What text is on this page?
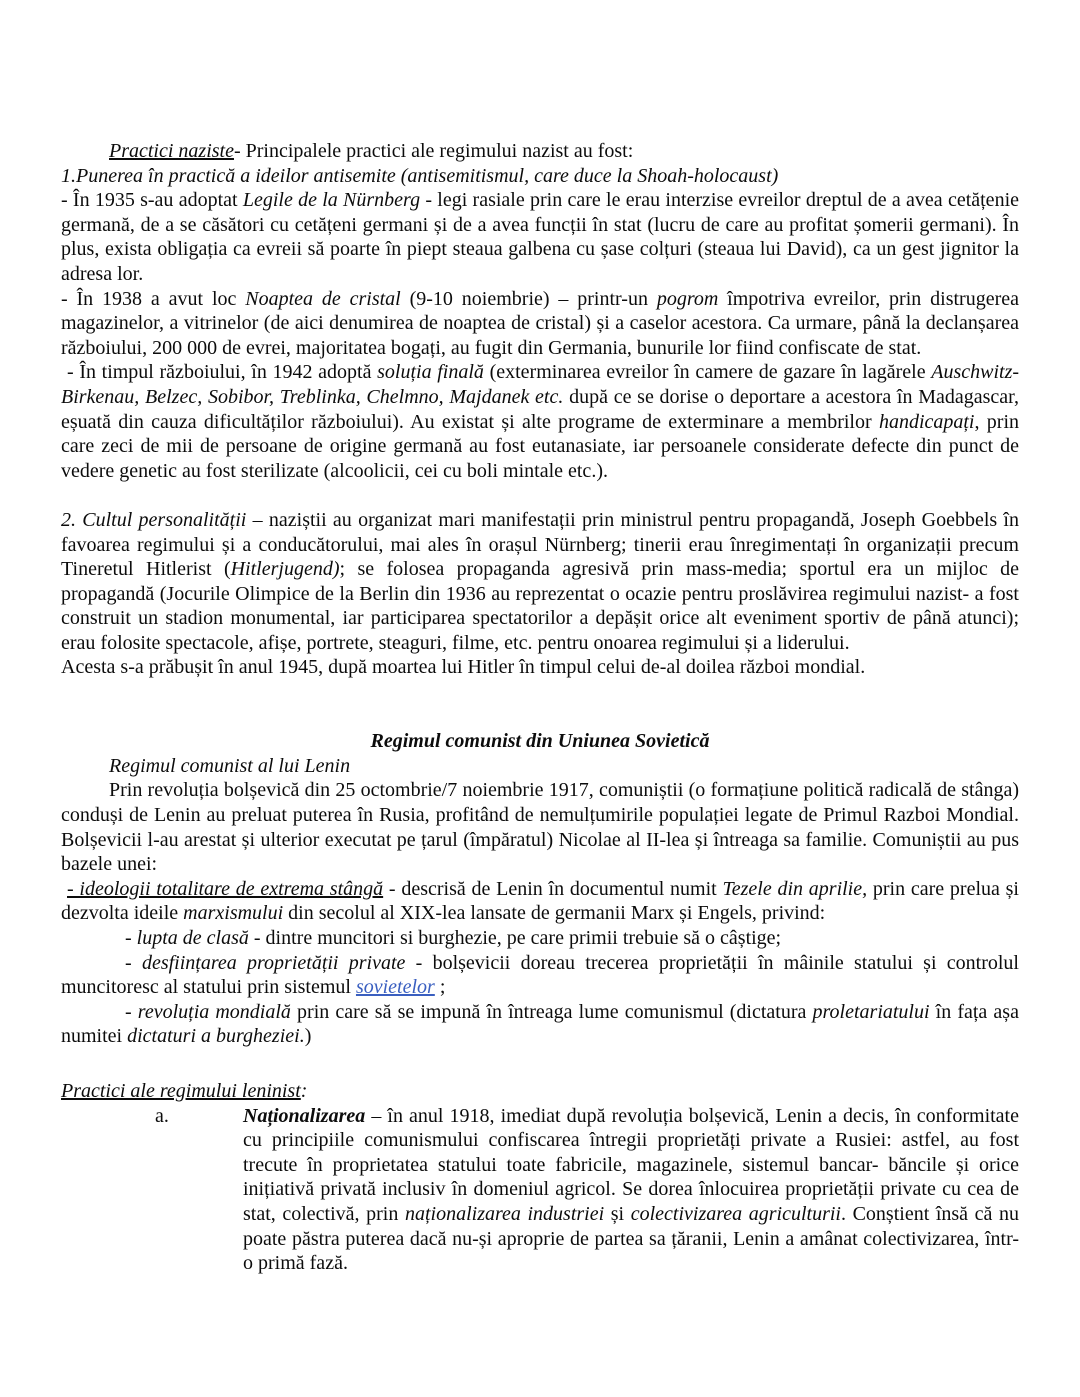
Practici naziste- Principalele practici ale regimului nazist au fost:

1.Punerea în practică a ideilor antisemite (antisemitismul, care duce la Shoah-holocaust)

- În 1935 s-au adoptat Legile de la Nürnberg - legi rasiale prin care le erau interzise evreilor dreptul de a avea cetățenie germană, de a se căsători cu cetățeni germani și de a avea funcții în stat (lucru de care au profitat șomerii germani). În plus, exista obligația ca evreii să poarte în piept steaua galbena cu șase colțuri (steaua lui David), ca un gest jignitor la adresa lor.

- În 1938 a avut loc Noaptea de cristal (9-10 noiembrie) – printr-un pogrom împotriva evreilor, prin distrugerea magazinelor, a vitrinelor (de aici denumirea de noaptea de cristal) și a caselor acestora. Ca urmare, până la declanșarea războiului, 200 000 de evrei, majoritatea bogați, au fugit din Germania, bunurile lor fiind confiscate de stat.

- În timpul războiului, în 1942 adoptă soluția finală (exterminarea evreilor în camere de gazare în lagărele Auschwitz-Birkenau, Belzec, Sobibor, Treblinka, Chelmno, Majdanek etc. după ce se dorise o deportare a acestora în Madagascar, eșuată din cauza dificultăților războiului). Au existat și alte programe de exterminare a membrilor handicapați, prin care zeci de mii de persoane de origine germană au fost eutanasiate, iar persoanele considerate defecte din punct de vedere genetic au fost sterilizate (alcoolicii, cei cu boli mintale etc.).

2. Cultul personalității – naziștii au organizat mari manifestații prin ministrul pentru propagandă, Joseph Goebbels în favoarea regimului și a conducătorului, mai ales în orașul Nürnberg; tinerii erau înregimentați în organizații precum Tineretul Hitlerist (Hitlerjugend); se folosea propaganda agresivă prin mass-media; sportul era un mijloc de propagandă (Jocurile Olimpice de la Berlin din 1936 au reprezentat o ocazie pentru proslăvirea regimului nazist- a fost construit un stadion monumental, iar participarea spectatorilor a depășit orice alt eveniment sportiv de până atunci); erau folosite spectacole, afișe, portrete, steaguri, filme, etc. pentru onoarea regimului și a liderului.

Acesta s-a prăbușit în anul 1945, după moartea lui Hitler în timpul celui de-al doilea război mondial.

Regimul comunist din Uniunea Sovietică

Regimul comunist al lui Lenin

Prin revoluția bolșevică din 25 octombrie/7 noiembrie 1917, comuniștii (o formațiune politică radicală de stânga) conduși de Lenin au preluat puterea în Rusia, profitând de nemulțumirile populației legate de Primul Razboi Mondial. Bolșevicii l-au arestat și ulterior executat pe țarul (împăratul) Nicolae al II-lea și întreaga sa familie. Comuniștii au pus bazele unei:

- ideologii totalitare de extrema stângă - descrisă de Lenin în documentul numit Tezele din aprilie, prin care prelua și dezvolta ideile marxismului din secolul al XIX-lea lansate de germanii Marx și Engels, privind:

- lupta de clasă - dintre muncitori si burghezie, pe care primii trebuie să o câștige;

- desființarea proprietății private - bolșevicii doreau trecerea proprietății în mâinile statului și controlul muncitoresc al statului prin sistemul sovietelor ;

- revoluția mondială prin care să se impună în întreaga lume comunismul (dictatura proletariatului în fața așa numitei dictaturi a burgheziei.)

Practici ale regimului leninist:

a.	Naționalizarea – în anul 1918, imediat după revoluția bolșevică, Lenin a decis, în conformitate cu principiile comunismului confiscarea întregii proprietăți private a Rusiei: astfel, au fost trecute în proprietatea statului toate fabricile, magazinele, sistemul bancar- băncile și orice inițiativă privată inclusiv în domeniul agricol. Se dorea înlocuirea proprietății private cu cea de stat, colectivă, prin naționalizarea industriei și colectivizarea agriculturii. Conștient însă că nu poate păstra puterea dacă nu-și aproprie de partea sa țăranii, Lenin a amânat colectivizarea, într-o primă fază.
